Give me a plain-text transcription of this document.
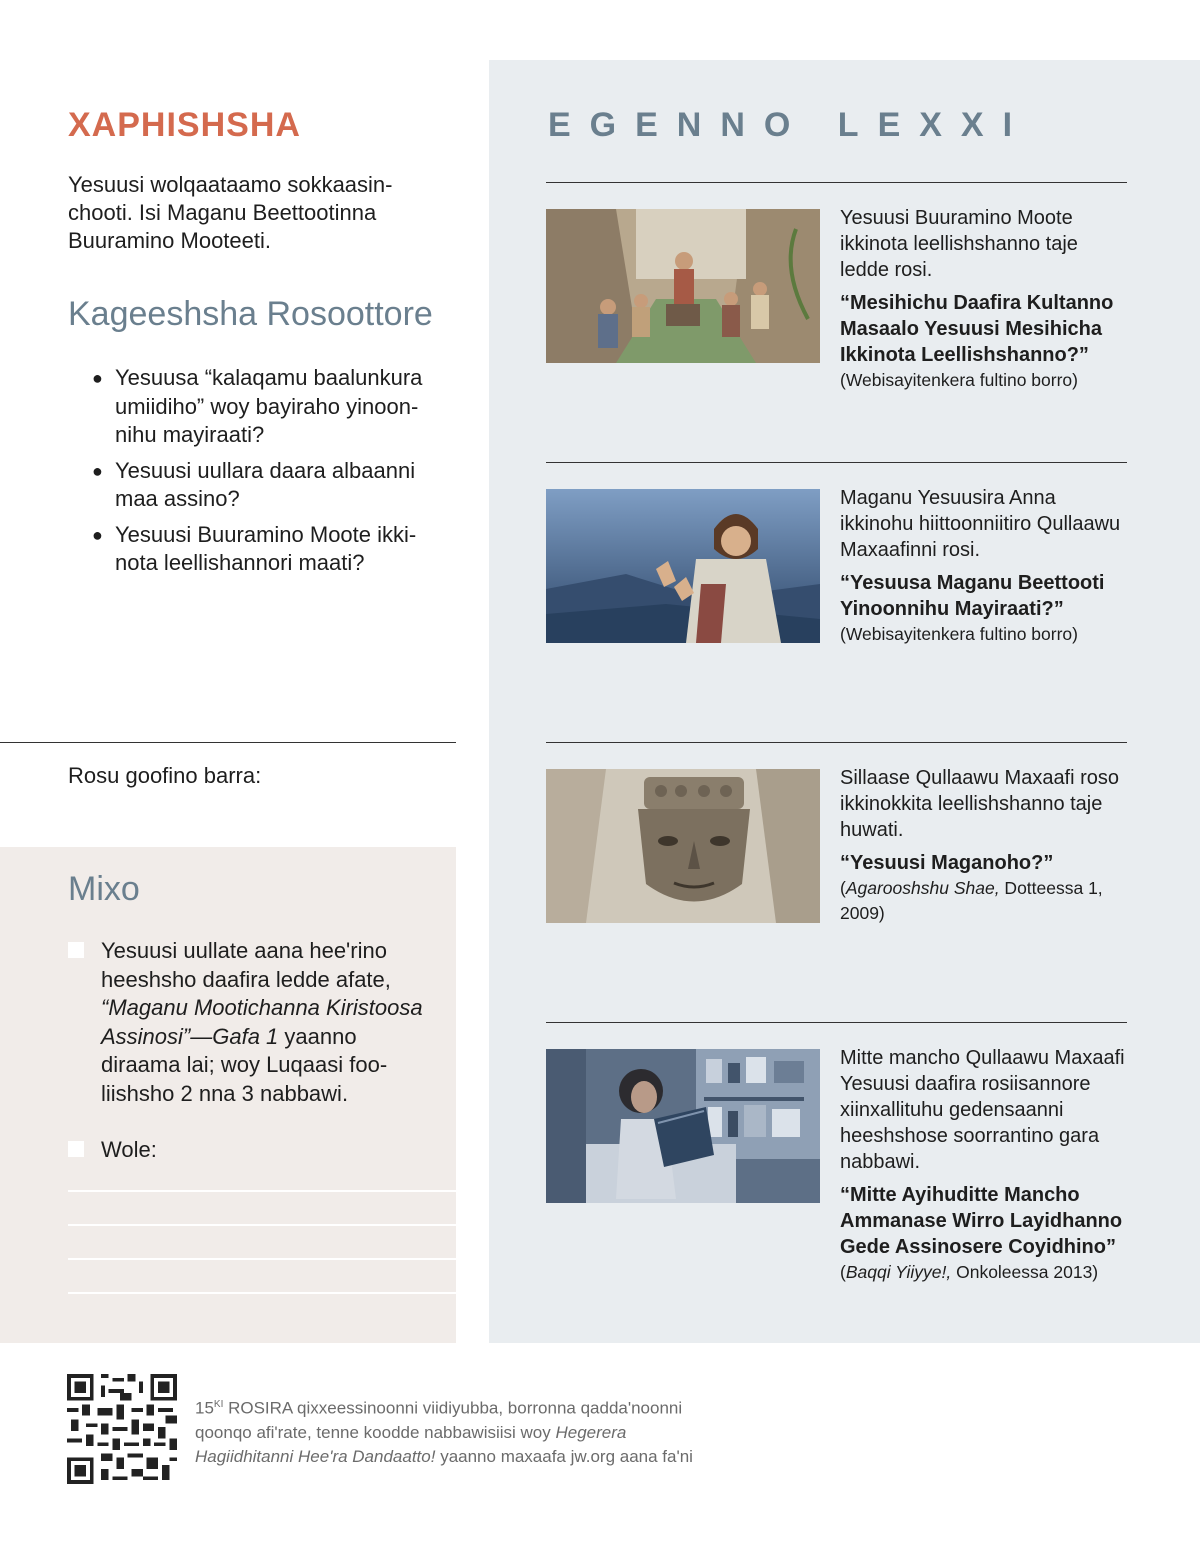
XAPHISHSHA
Yesuusi wolqaataamo sokkaasinchooti. Isi Maganu Beettootinna Buuramino Mooteeti.
Kageeshsha Rosoottore
● Yesuusa “kalaqamu baalunkura umiidiho” woy bayiraho yinoonnihu mayiraati?
● Yesuusi uullara daara albaanni maa assino?
● Yesuusi Buuramino Moote ikkinota leellishannori maati?
Rosu goofino barra:
Mixo
Yesuusi uullate aana hee'rino heeshsho daafira ledde afate, “Maganu Mootichanna Kiristoosa Assinosi”—Gafa 1 yaanno diraama lai; woy Luqaasi fooliishsho 2 nna 3 nabbawi.
Wole:
EGENNO LEXXI
Yesuusi Buuramino Moote ikkinota leellishshanno taje ledde rosi.
“Mesihichu Daafira Kultanno Masaalo Yesuusi Mesihicha Ikkinota Leellishshanno?”
(Webisayitenkera fultino borro)
Maganu Yesuusira Anna ikkinohu hiittoonniitiro Qullaawu Maxaafinni rosi.
“Yesuusa Maganu Beettooti Yinoonnihu Mayiraati?”
(Webisayitenkera fultino borro)
Sillaase Qullaawu Maxaafi roso ikkinokkita leellishshanno taje huwati.
“Yesuusi Maganoho?”
(Agarooshshu Shae, Dotteessa 1, 2009)
Mitte mancho Qullaawu Maxaafi Yesuusi daafira rosiisannore xiinxallituhu gedensaanni heeshshose soorrantino gara nabbawi.
“Mitte Ayihuditte Mancho Ammanase Wirro Layidhanno Gede Assinosere Coyidhino”
(Baqqi Yiiyye!, Onkoleessa 2013)
$15^{KI}$ ROSIRA qixxeessinoonni viidiyubba, borronna qadda'noonni qoonqo afi'rate, tenne koodde nabbawisiisi woy Hegerera Hagiidhitanni Hee'ra Dandaatto! yaanno maxaafa jw.org aana fa'ni
